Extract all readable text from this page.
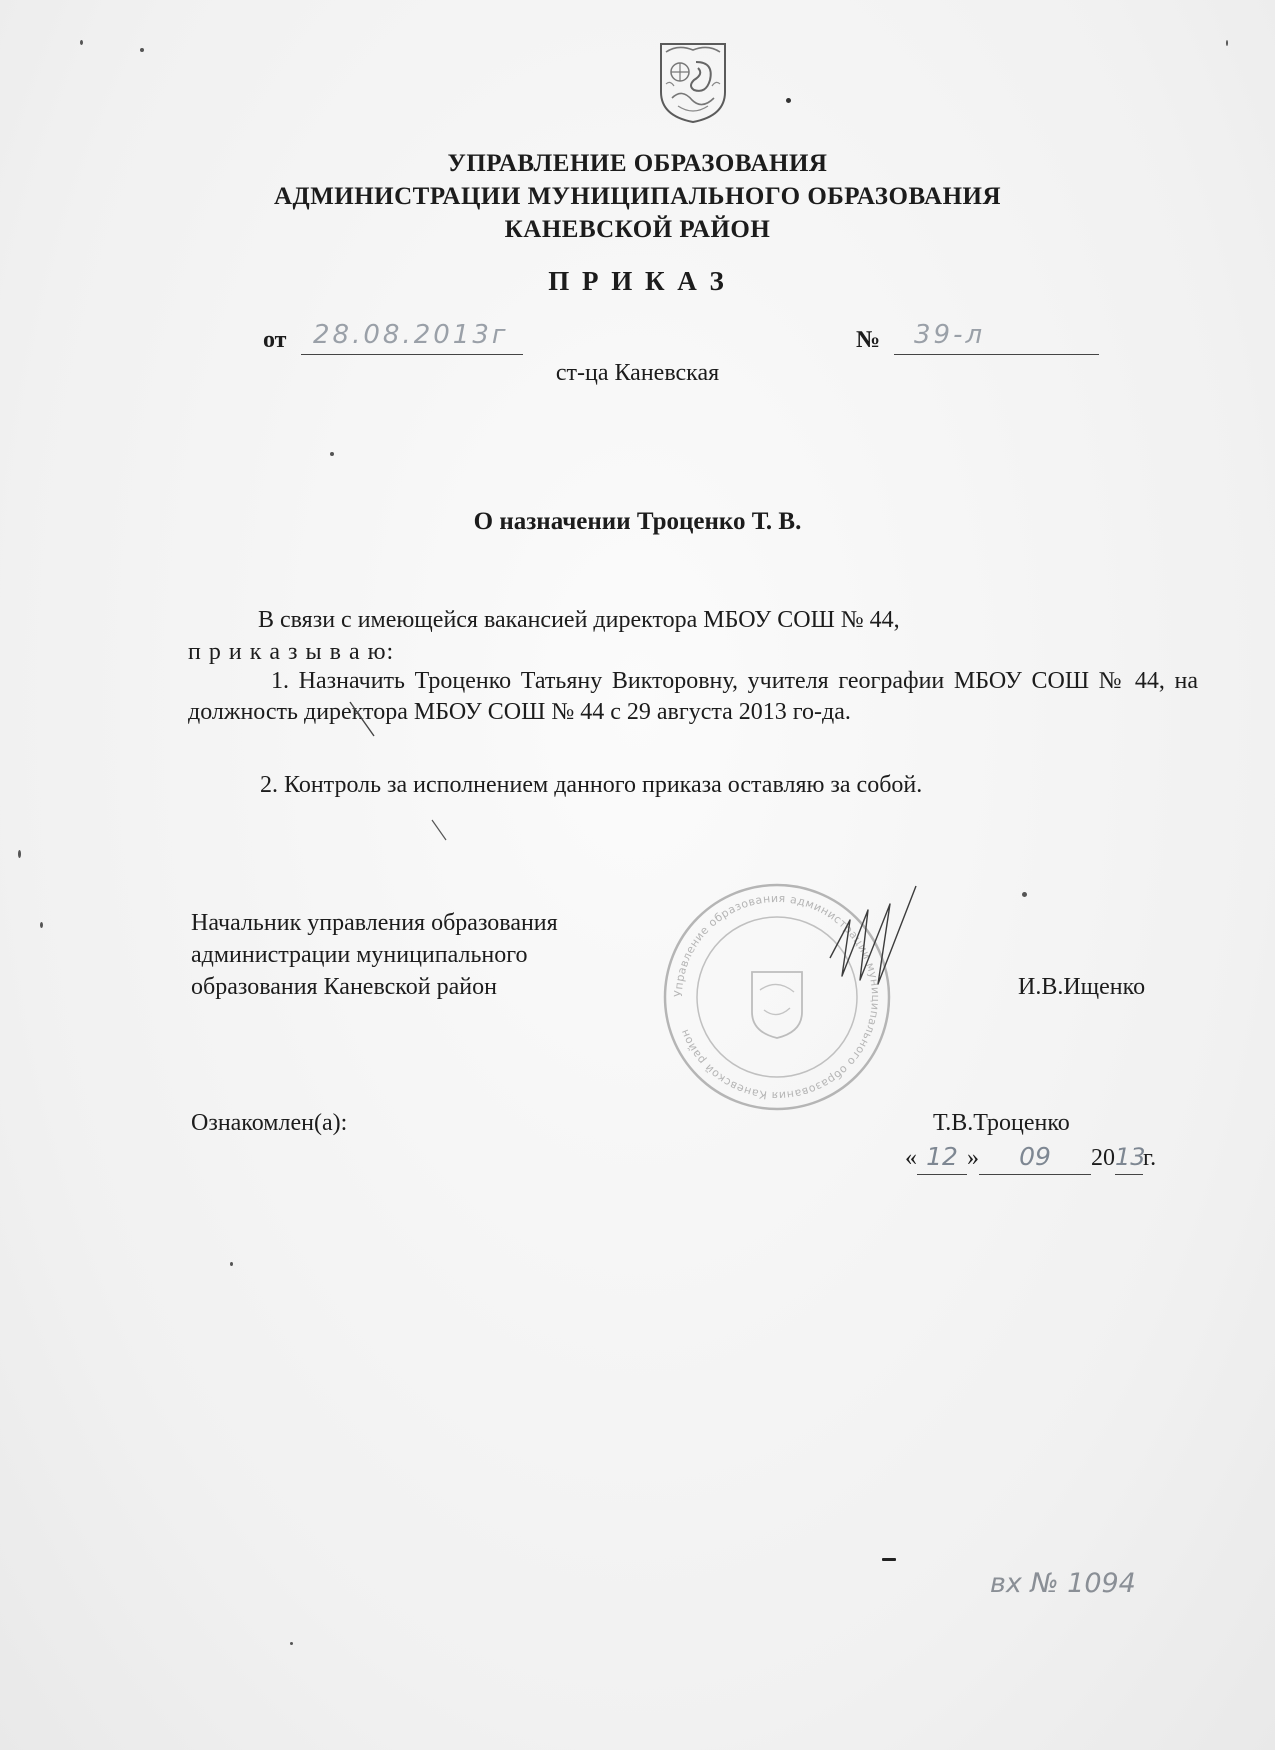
УПРАВЛЕНИЕ ОБРАЗОВАНИЯ
АДМИНИСТРАЦИИ МУНИЦИПАЛЬНОГО ОБРАЗОВАНИЯ
КАНЕВСКОЙ РАЙОН
П Р И К А З
от 28.08.2013г	№ 39-л
ст-ца Каневская
О назначении Троценко Т. В.
В связи с имеющейся вакансией директора МБОУ СОШ № 44,
п р и к а з ы в а ю:
1. Назначить Троценко Татьяну Викторовну, учителя географии МБОУ СОШ № 44, на должность директора МБОУ СОШ № 44 с 29 августа 2013 го-да.
2. Контроль за исполнением данного приказа оставляю за собой.
Управление образования администрации муниципального образования Каневской район
Начальник управления образования
администрации муниципального
образования Каневской район	И.В.Ищенко
Ознакомлен(а):	Т.В.Троценко
« 12 » 09 2013г.
вх № 1094
